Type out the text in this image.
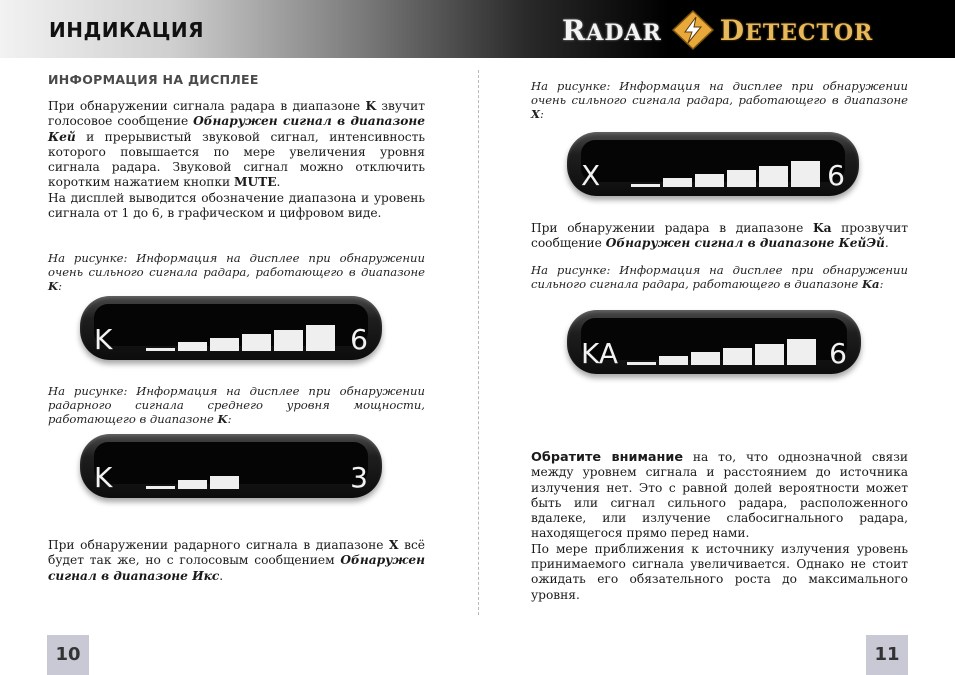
ИНДИКАЦИЯ	RADAR DETECTOR
ИНФОРМАЦИЯ НА ДИСПЛЕЕ

При обнаружении сигнала радара в диапазоне K звучит голосовое сообщение Обнаружен сигнал в диапазоне Кей и прерывистый звуковой сигнал, интенсивность которого повышается по мере увеличения уровня сигнала радара. Звуковой сигнал можно отключить коротким нажатием кнопки MUTE.

На дисплей выводится обозначение диапазона и уровень сигнала от 1 до 6, в графическом и цифровом виде.

На рисунке: Информация на дисплее при обнаружении очень сильного сигнала радара, работающего в диапазоне K:
K	6
На рисунке: Информация на дисплее при обнаружении радарного сигнала среднего уровня мощности, работающего в диапазоне K:
K	3

При обнаружении радарного сигнала в диапазоне X всё будет так же, но с голосовым сообщением Обнаружен сигнал в диапазоне Икс.

10
На рисунке: Информация на дисплее при обнаружении очень сильного сигнала радара, работающего в диапазоне X:
X	6

При обнаружении радара в диапазоне Ka прозвучит сообщение Обнаружен сигнал в диапазоне КейЭй.

На рисунке: Информация на дисплее при обнаружении сильного сигнала радара, работающего в диапазоне Ka:
KA	6

Обратите внимание на то, что однозначной связи между уровнем сигнала и расстоянием до источника излучения нет. Это с равной долей вероятности может быть или сигнал сильного радара, расположенного вдалеке, или излучение слабосигнального радара, находящегося прямо перед нами.

По мере приближения к источнику излучения уровень принимаемого сигнала увеличивается. Однако не стоит ожидать его обязательного роста до максимального уровня.

11
